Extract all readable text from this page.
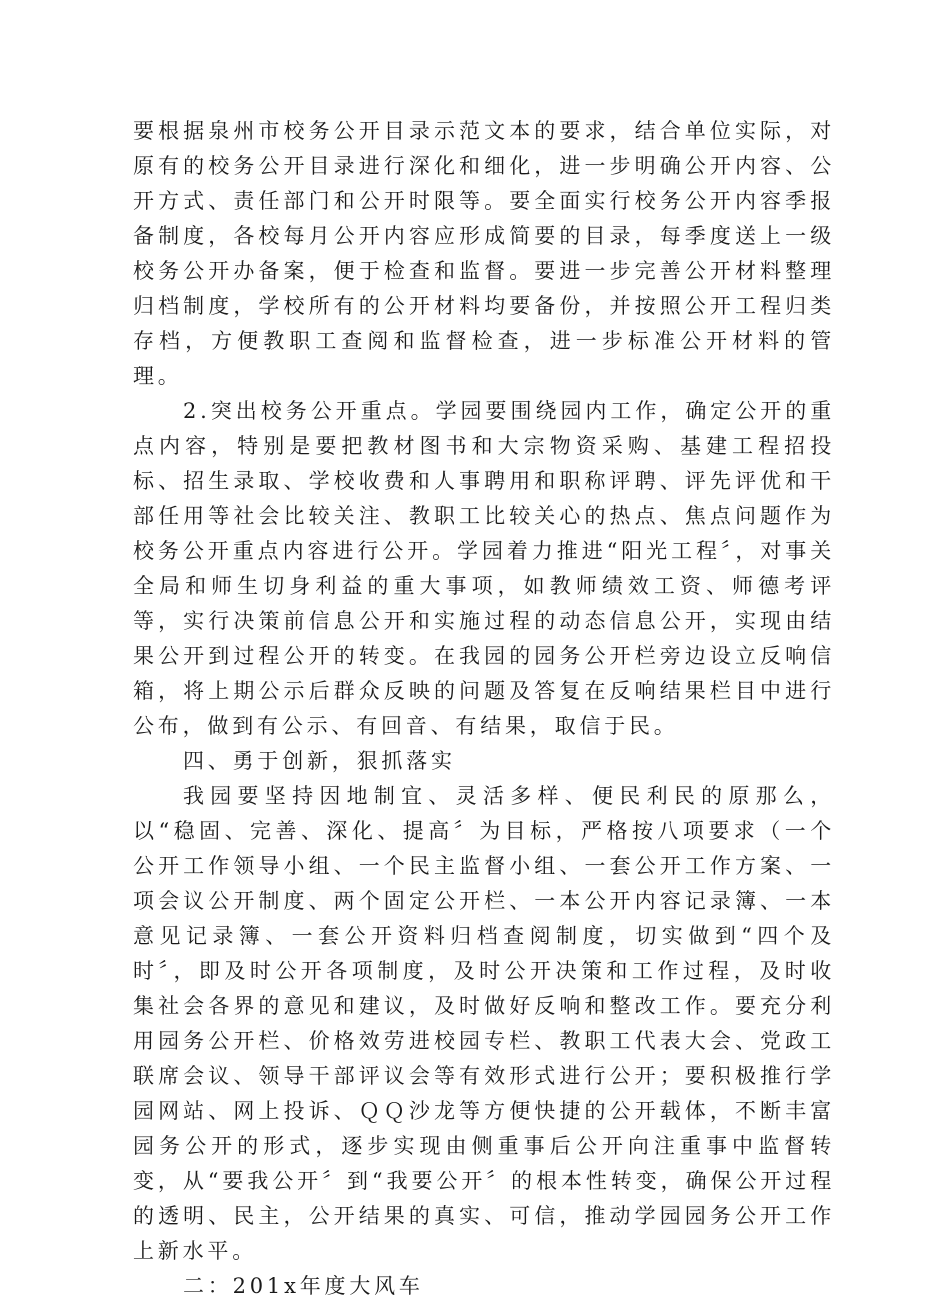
要根据泉州市校务公开目录示范文本的要求，结合单位实际，对原有的校务公开目录进行深化和细化，进一步明确公开内容、公开方式、责任部门和公开时限等。要全面实行校务公开内容季报备制度，各校每月公开内容应形成简要的目录，每季度送上一级校务公开办备案，便于检查和监督。要进一步完善公开材料整理归档制度，学校所有的公开材料均要备份，并按照公开工程归类存档，方便教职工查阅和监督检查，进一步标准公开材料的管理。

2.突出校务公开重点。学园要围绕园内工作，确定公开的重点内容，特别是要把教材图书和大宗物资采购、基建工程招投标、招生录取、学校收费和人事聘用和职称评聘、评先评优和干部任用等社会比较关注、教职工比较关心的热点、焦点问题作为校务公开重点内容进行公开。学园着力推进“阳光工程〞，对事关全局和师生切身利益的重大事项，如教师绩效工资、师德考评等，实行决策前信息公开和实施过程的动态信息公开，实现由结果公开到过程公开的转变。在我园的园务公开栏旁边设立反响信箱，将上期公示后群众反映的问题及答复在反响结果栏目中进行公布，做到有公示、有回音、有结果，取信于民。

四、勇于创新，狠抓落实

我园要坚持因地制宜、灵活多样、便民利民的原那么，以“稳固、完善、深化、提高〞为目标，严格按八项要求（一个公开工作领导小组、一个民主监督小组、一套公开工作方案、一项会议公开制度、两个固定公开栏、一本公开内容记录簿、一本意见记录簿、一套公开资料归档查阅制度，切实做到“四个及时〞，即及时公开各项制度，及时公开决策和工作过程，及时收集社会各界的意见和建议，及时做好反响和整改工作。要充分利用园务公开栏、价格效劳进校园专栏、教职工代表大会、党政工联席会议、领导干部评议会等有效形式进行公开；要积极推行学园网站、网上投诉、ＱＱ沙龙等方便快捷的公开载体，不断丰富园务公开的形式，逐步实现由侧重事后公开向注重事中监督转变，从“要我公开〞到“我要公开〞的根本性转变，确保公开过程的透明、民主，公开结果的真实、可信，推动学园园务公开工作上新水平。

二：201x年度大风车
